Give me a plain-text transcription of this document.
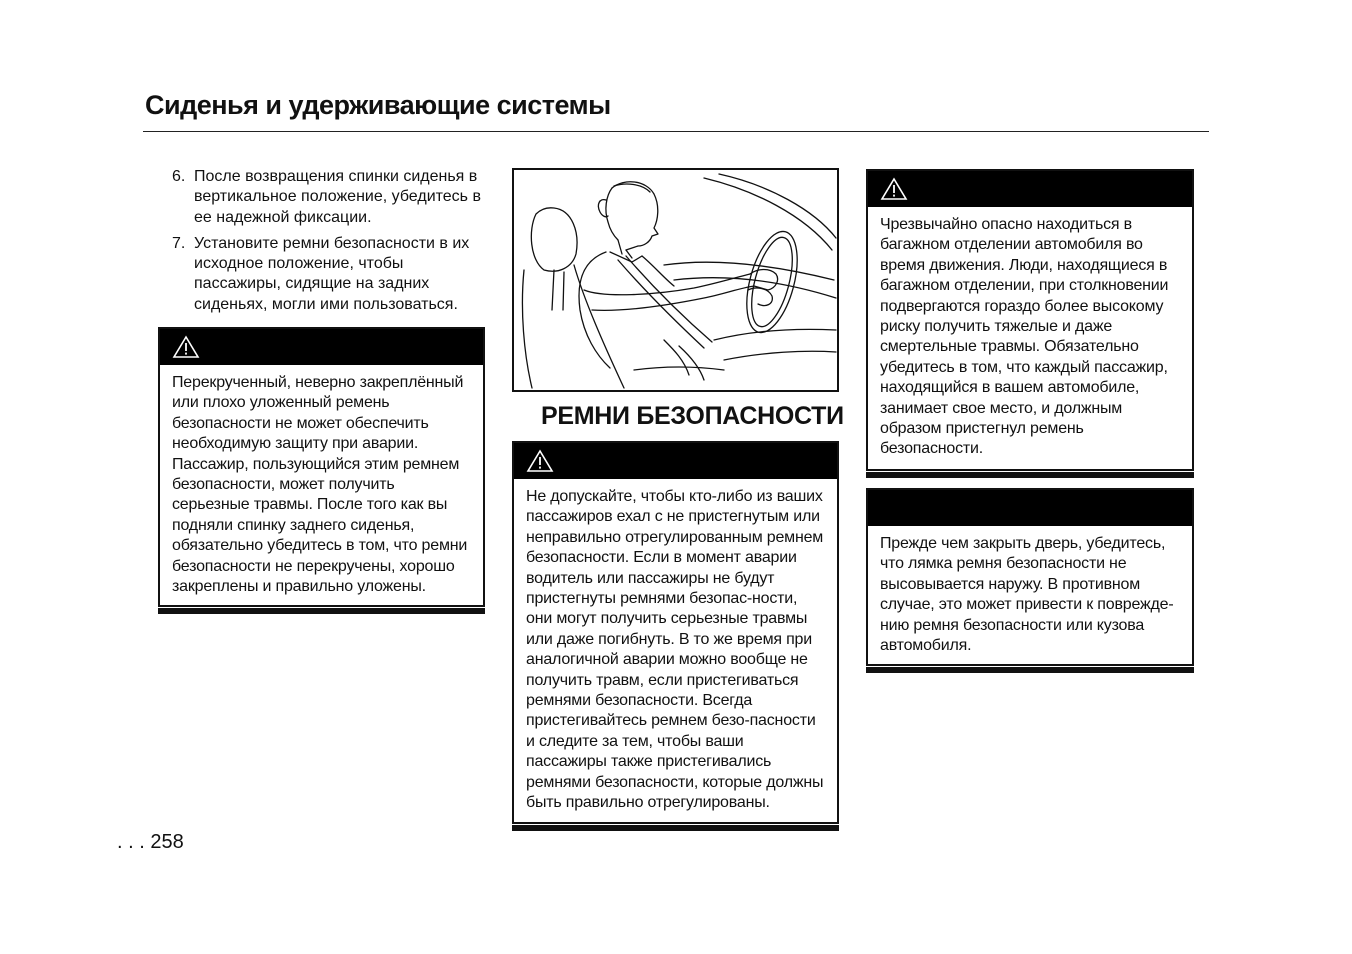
Сиденья и удерживающие системы
6. После возвращения спинки сиденья в вертикальное положение, убедитесь в ее надежной фиксации.
7. Установите ремни безопасности в их исходное положение, чтобы пассажиры, сидящие на задних сиденьях, могли ими пользоваться.
Перекрученный, неверно закреплённый или плохо уложенный ремень безопасности не может обеспечить необходимую защиту при аварии. Пассажир, пользующийся этим ремнем безопасности, может получить серьезные травмы. После того как вы подняли спинку заднего сиденья, обязательно убедитесь в том, что ремни безопасности не перекручены, хорошо закреплены и правильно уложены.
РЕМНИ БЕЗОПАСНОСТИ
Не допускайте, чтобы кто-либо из ваших пассажиров ехал с не пристегнутым или неправильно отрегулированным ремнем безопасности. Если в момент аварии водитель или пассажиры не будут пристегнуты ремнями безопас-ности, они могут получить серьезные травмы или даже погибнуть. В то же время при аналогичной аварии можно вообще не получить травм, если пристегиваться ремнями безопасности. Всегда пристегивайтесь ремнем безо-пасности и следите за тем, чтобы ваши пассажиры также пристегивались ремнями безопасности, которые должны быть правильно отрегулированы.
Чрезвычайно опасно находиться в багажном отделении автомобиля во время движения. Люди, находящиеся в багажном отделении, при столкновении подвергаются гораздо более высокому риску получить тяжелые и даже смертельные травмы. Обязательно убедитесь в том, что каждый пассажир, находящийся в вашем автомобиле, занимает свое место, и должным образом пристегнул ремень безопасности.
Прежде чем закрыть дверь, убедитесь, что лямка ремня безопасности не высовывается наружу. В противном случае, это может привести к поврежде-нию ремня безопасности или кузова автомобиля.
. . . 258
